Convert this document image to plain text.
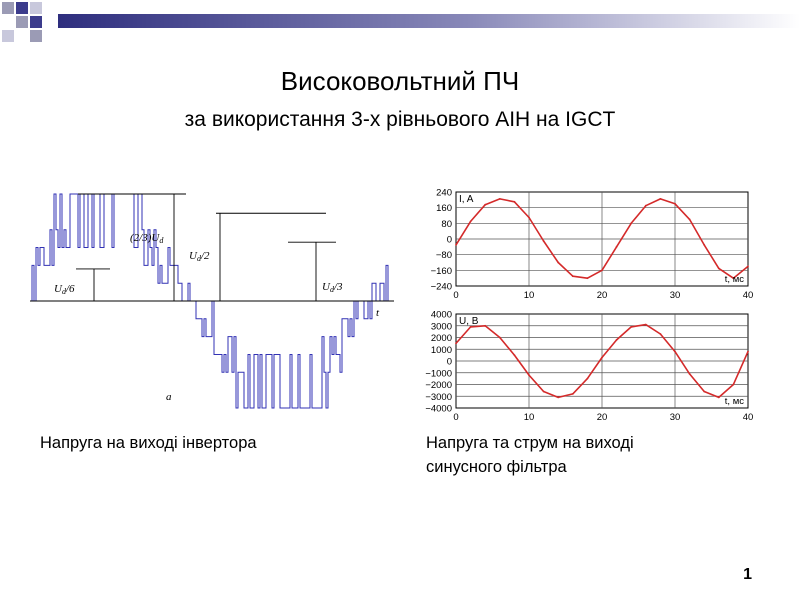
Високовольтний ПЧ
за використання 3-х рівньового АІН на IGCT
(2/3)Ud
Ud/2
Ud/3
Ud/6
t
a
240
160
80
0
−80
−160
−240
0	10	20	30	40
I, A
t, мс
4000
3000
2000
1000
0
−1000
−2000
−3000
−4000
0	10	20	30	40
U, В
t, мс
Напруга на виході інвертора	Напруга та струм на виході
синусного фільтра
1
